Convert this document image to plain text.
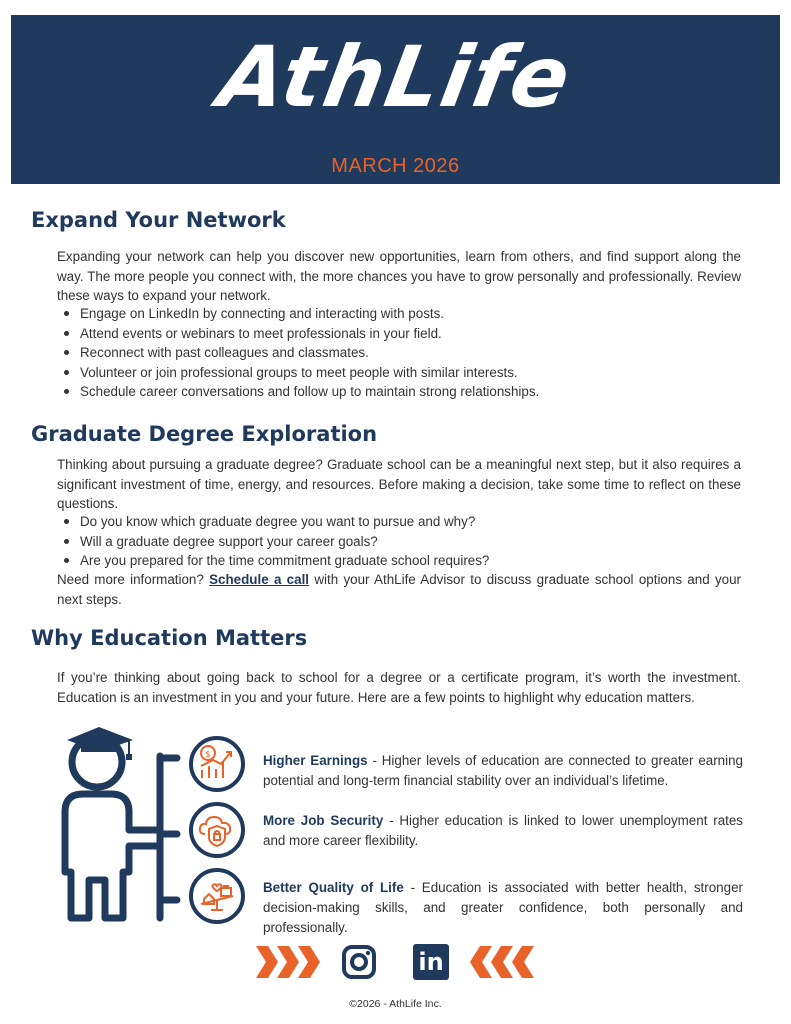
AthLife
MARCH 2026
Expand Your Network

Expanding your network can help you discover new opportunities, learn from others, and find support along the way. The more people you connect with, the more chances you have to grow personally and professionally. Review these ways to expand your network.

Engage on LinkedIn by connecting and interacting with posts.
Attend events or webinars to meet professionals in your field.
Reconnect with past colleagues and classmates.
Volunteer or join professional groups to meet people with similar interests.
Schedule career conversations and follow up to maintain strong relationships.
Graduate Degree Exploration

Thinking about pursuing a graduate degree? Graduate school can be a meaningful next step, but it also requires a significant investment of time, energy, and resources. Before making a decision, take some time to reflect on these questions.

Do you know which graduate degree you want to pursue and why?
Will a graduate degree support your career goals?
Are you prepared for the time commitment graduate school requires?

Need more information? Schedule a call with your AthLife Advisor to discuss graduate school options and your next steps.

Why Education Matters

If you’re thinking about going back to school for a degree or a certificate program, it’s worth the investment. Education is an investment in you and your future. Here are a few points to highlight why education matters.

$	Higher Earnings - Higher levels of education are connected to greater earning potential and long-term financial stability over an individual’s lifetime.

More Job Security - Higher education is linked to lower unemployment rates and more career flexibility.

Better Quality of Life - Education is associated with better health, stronger decision-making skills, and greater confidence, both personally and professionally.

in
©2026 - AthLife Inc.
